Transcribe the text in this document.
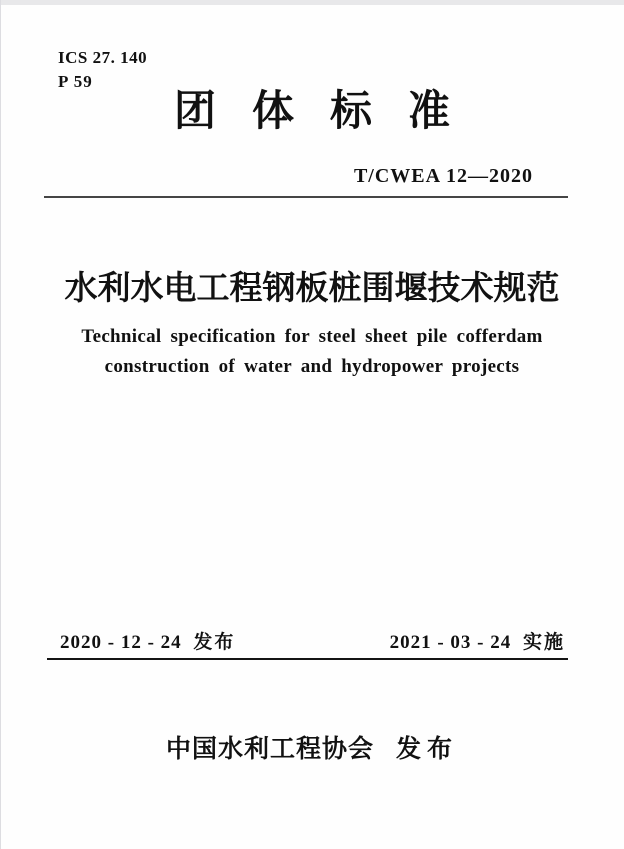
ICS 27. 140
P 59
团体标准
T/CWEA 12—2020
水利水电工程钢板桩围堰技术规范
Technical specification for steel sheet pile cofferdam
construction of water and hydropower projects
2020 - 12 - 24 发布	2021 - 03 - 24 实施
中国水利工程协会 发布
